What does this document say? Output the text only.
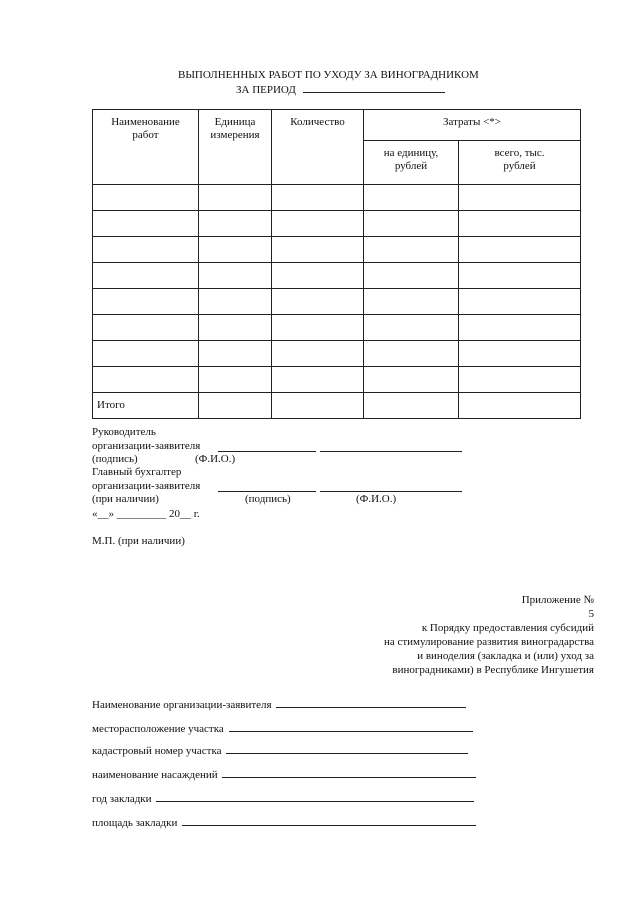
ВЫПОЛНЕННЫХ РАБОТ ПО УХОДУ ЗА ВИНОГРАДНИКОМ
ЗА ПЕРИОД
Наименование работ	Единица измерения	Количество	Затраты <*>	
			на единицу, рублей	всего, тыс. рублей

Итого				
Руководитель
организации-заявителя
(подпись)	(Ф.И.О.)
Главный бухгалтер
организации-заявителя
(при наличии)	(подпись)	(Ф.И.О.)
«__» _________ 20__ г.
М.П. (при наличии)
Приложение №
5
к Порядку предоставления субсидий
на стимулирование развития виноградарства
и виноделия (закладка и (или) уход за
виноградниками) в Республике Ингушетия
Наименование организации-заявителя
месторасположение участка
кадастровый номер участка
наименование насаждений
год закладки
площадь закладки
